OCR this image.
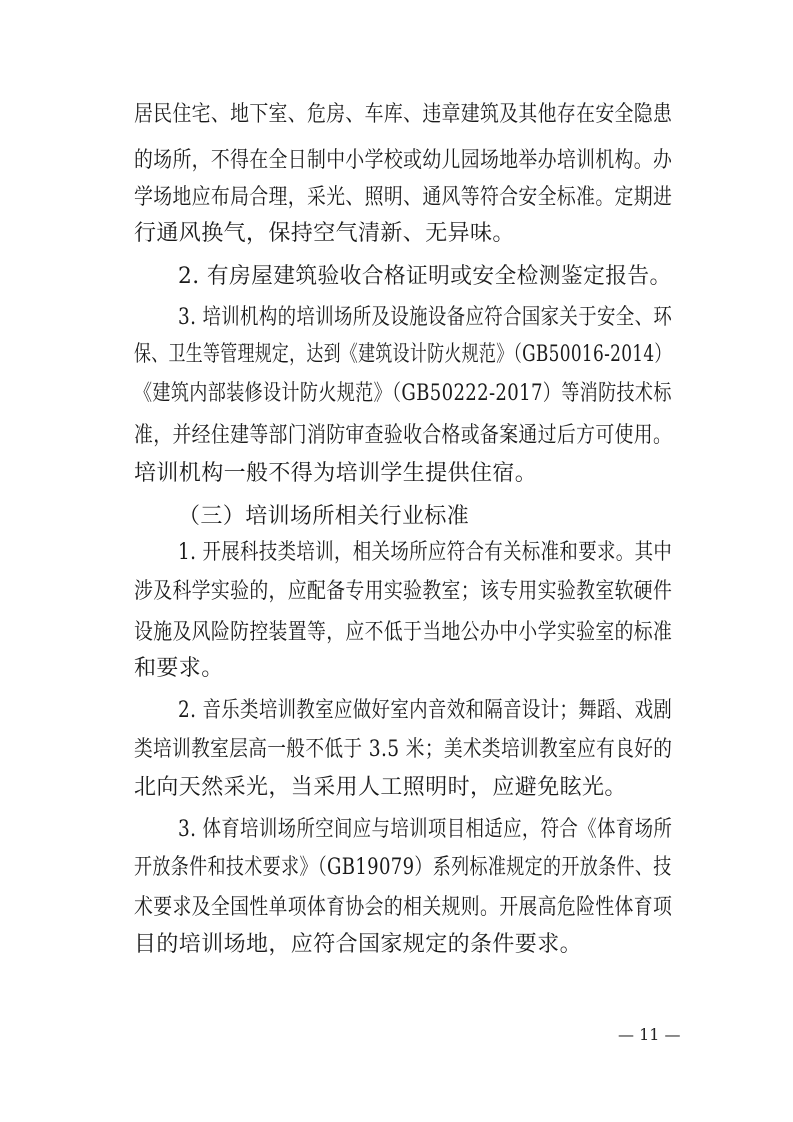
居民住宅、地下室、危房、车库、违章建筑及其他存在安全隐患
的场所，不得在全日制中小学校或幼儿园场地举办培训机构。办
学场地应布局合理，采光、照明、通风等符合安全标准。定期进
行通风换气，保持空气清新、无异味。
2. 有房屋建筑验收合格证明或安全检测鉴定报告。
3. 培训机构的培训场所及设施设备应符合国家关于安全、环
保、卫生等管理规定，达到《建筑设计防火规范》（GB50016-2014）
《建筑内部装修设计防火规范》（GB50222-2017）等消防技术标
准，并经住建等部门消防审查验收合格或备案通过后方可使用。
培训机构一般不得为培训学生提供住宿。
（三）培训场所相关行业标准
1. 开展科技类培训，相关场所应符合有关标准和要求。其中
涉及科学实验的，应配备专用实验教室；该专用实验教室软硬件
设施及风险防控装置等，应不低于当地公办中小学实验室的标准
和要求。
2. 音乐类培训教室应做好室内音效和隔音设计；舞蹈、戏剧
类培训教室层高一般不低于 3.5 米；美术类培训教室应有良好的
北向天然采光，当采用人工照明时，应避免眩光。
3. 体育培训场所空间应与培训项目相适应，符合《体育场所
开放条件和技术要求》（GB19079）系列标准规定的开放条件、技
术要求及全国性单项体育协会的相关规则。开展高危险性体育项
目的培训场地，应符合国家规定的条件要求。
— 11 —
